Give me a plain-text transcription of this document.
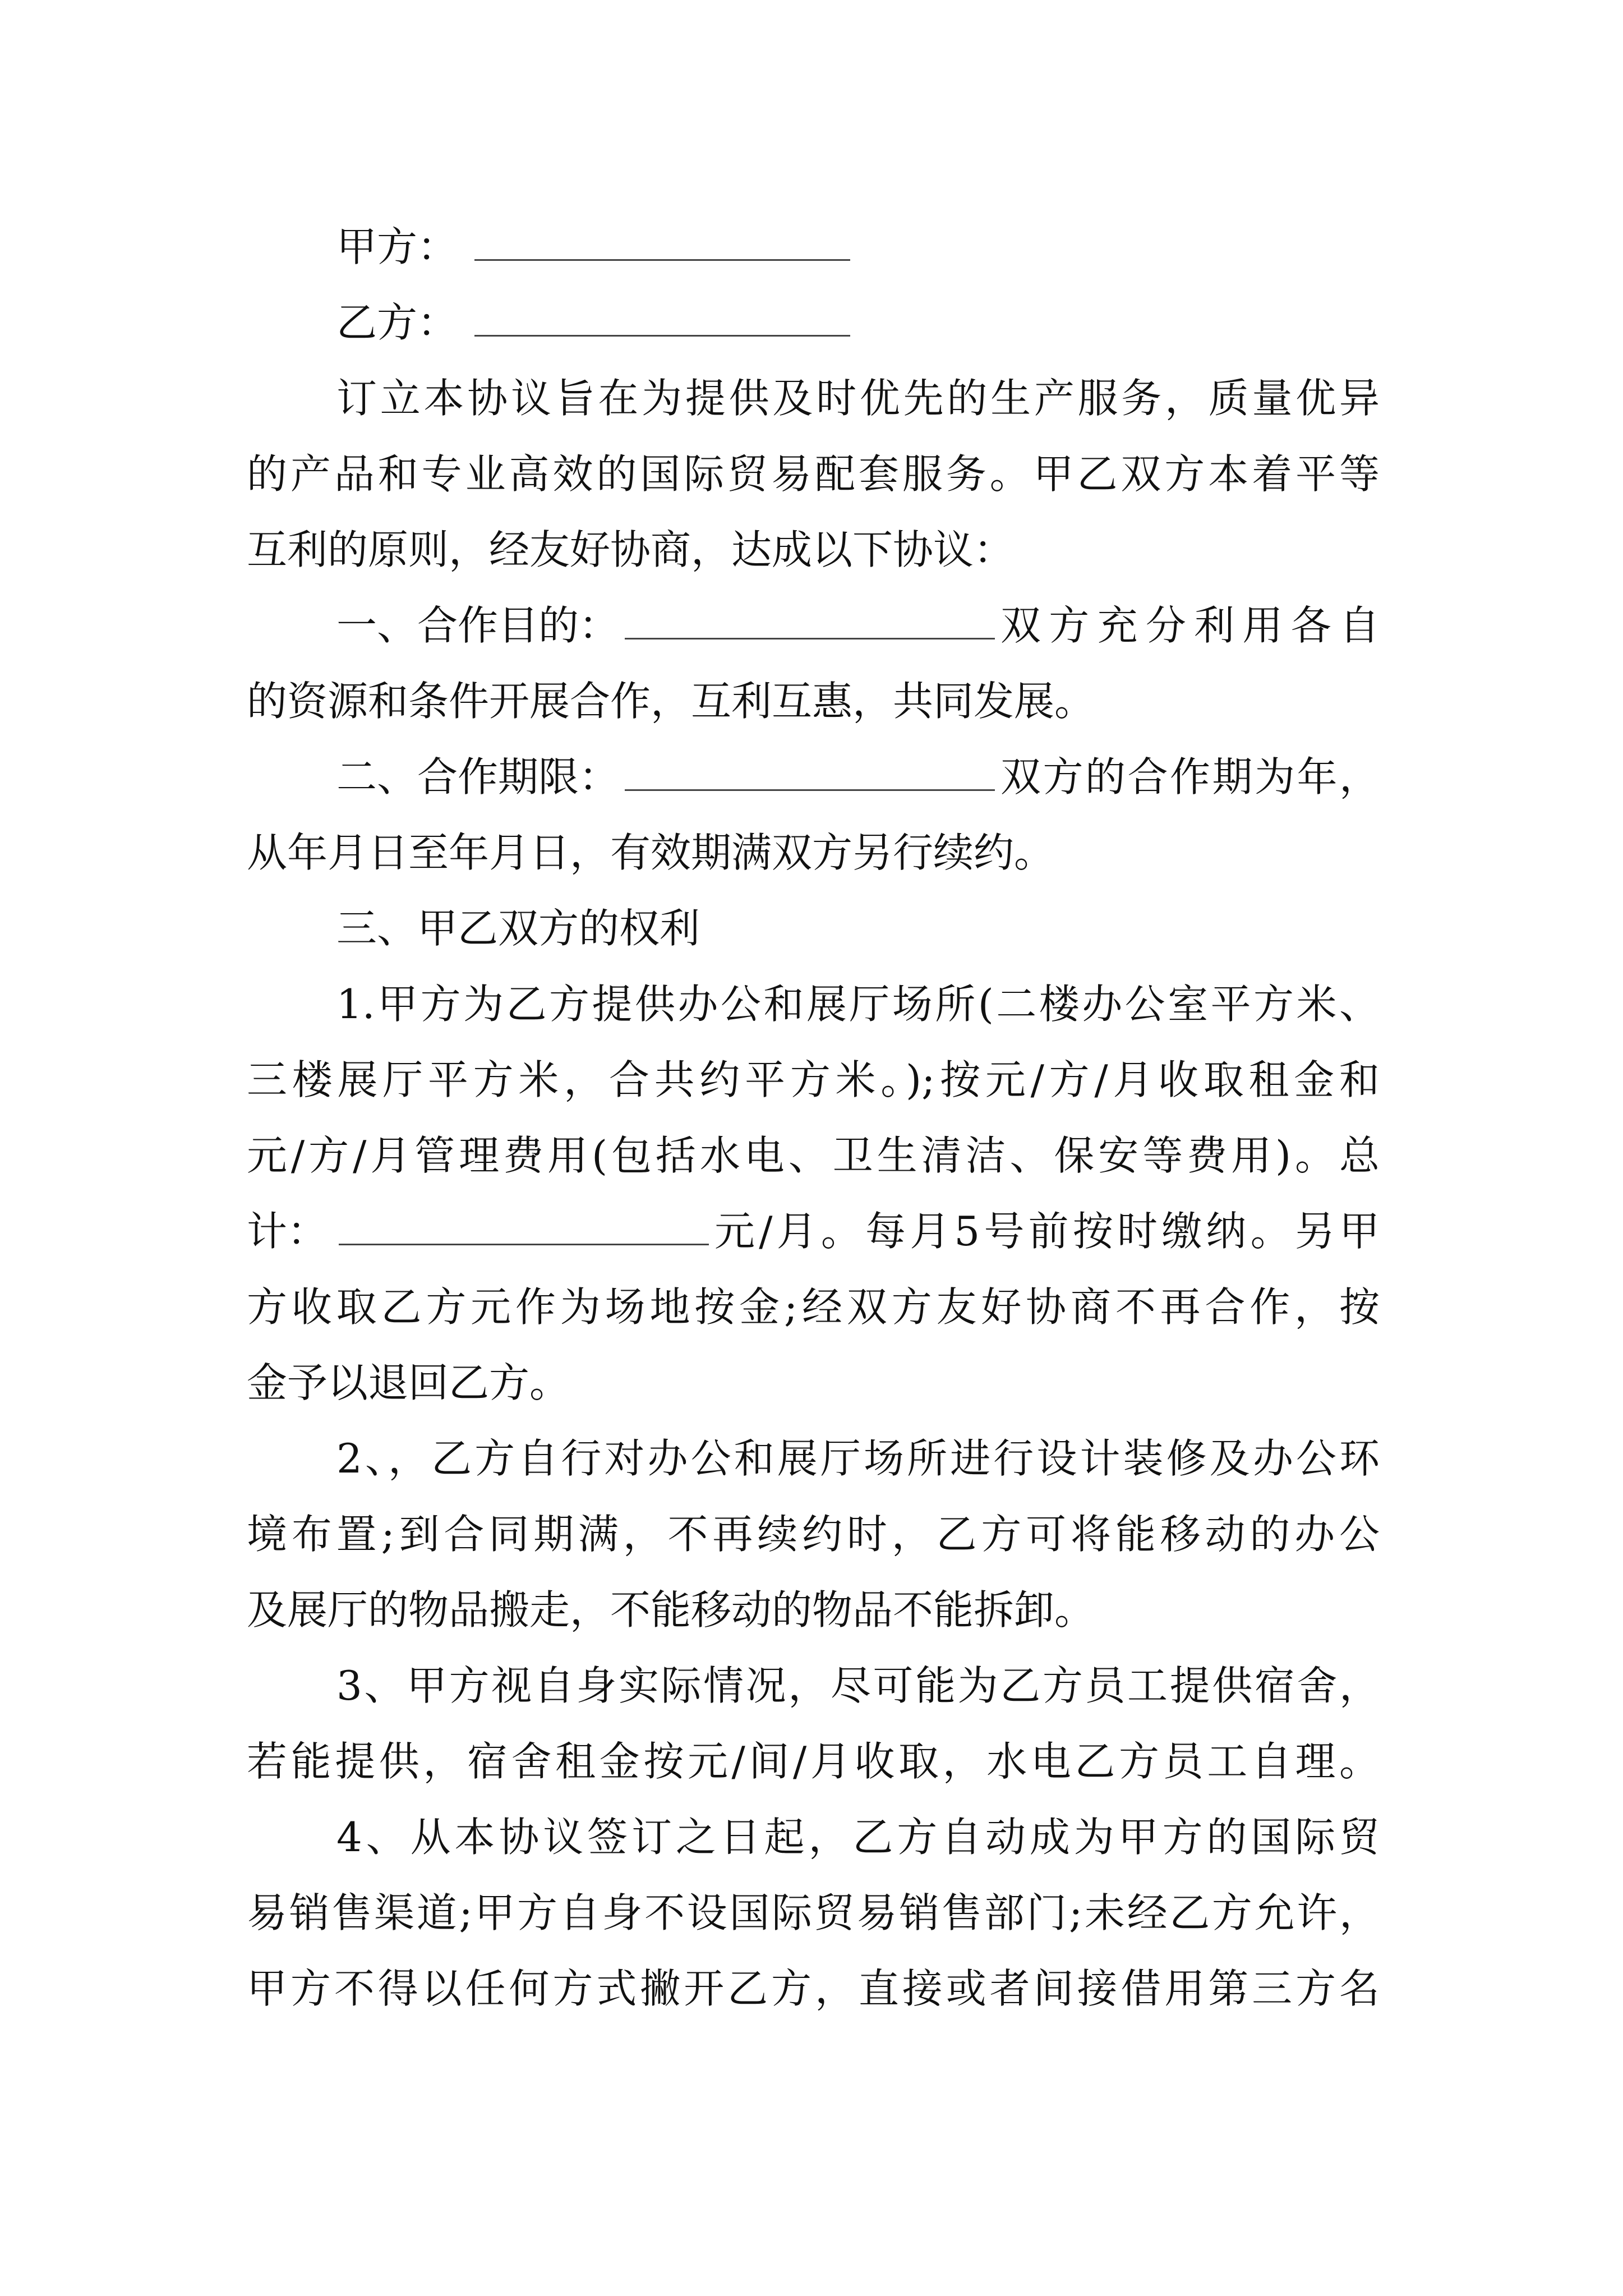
甲方：
乙方：
订立本协议旨在为提供及时优先的生产服务，质量优异
的产品和专业高效的国际贸易配套服务。甲乙双方本着平等
互利的原则，经友好协商，达成以下协议：
一、合作目的：	双方充分利用各自
的资源和条件开展合作，互利互惠，共同发展。
二、合作期限：	双方的合作期为年，
从年月日至年月日，有效期满双方另行续约。
三、甲乙双方的权利
1.甲方为乙方提供办公和展厅场所(二楼办公室平方米、
三楼展厅平方米，合共约平方米。);按元/方/月收取租金和
元/方/月管理费用(包括水电、卫生清洁、保安等费用)。总
计：	元/月。每月5号前按时缴纳。另甲
方收取乙方元作为场地按金;经双方友好协商不再合作，按
金予以退回乙方。
2、，乙方自行对办公和展厅场所进行设计装修及办公环
境布置;到合同期满，不再续约时，乙方可将能移动的办公
及展厅的物品搬走，不能移动的物品不能拆卸。
3、甲方视自身实际情况，尽可能为乙方员工提供宿舍，
若能提供，宿舍租金按元/间/月收取，水电乙方员工自理。
4、从本协议签订之日起，乙方自动成为甲方的国际贸
易销售渠道;甲方自身不设国际贸易销售部门;未经乙方允许，
甲方不得以任何方式撇开乙方，直接或者间接借用第三方名
